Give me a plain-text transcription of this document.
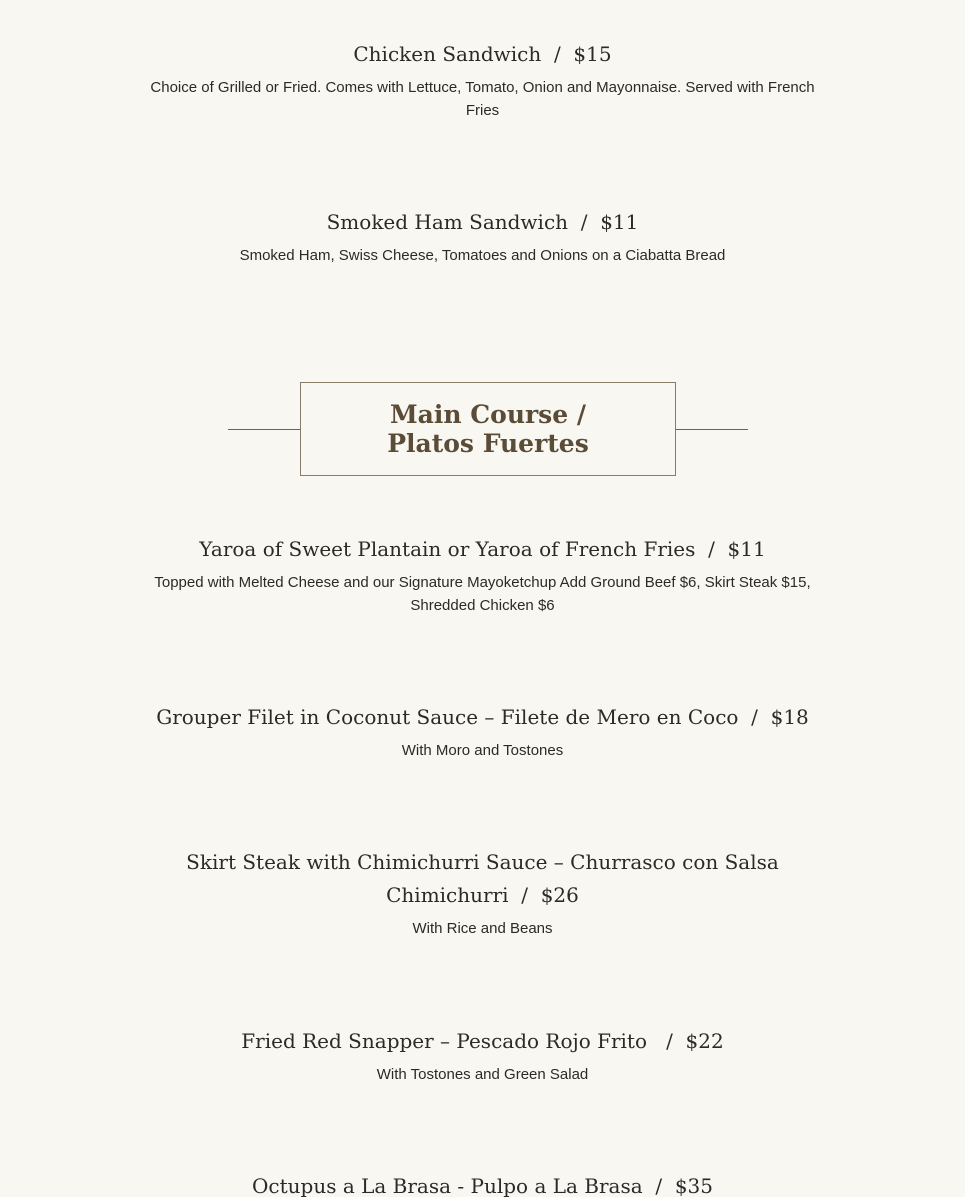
Chicken Sandwich  /  $15
Choice of Grilled or Fried. Comes with Lettuce, Tomato, Onion and Mayonnaise. Served with French Fries
Smoked Ham Sandwich  /  $11
Smoked Ham, Swiss Cheese, Tomatoes and Onions on a Ciabatta Bread
Main Course / Platos Fuertes
Yaroa of Sweet Plantain or Yaroa of French Fries  /  $11
Topped with Melted Cheese and our Signature Mayoketchup Add Ground Beef $6, Skirt Steak $15, Shredded Chicken $6
Grouper Filet in Coconut Sauce – Filete de Mero en Coco  /  $18
With Moro and Tostones
Skirt Steak with Chimichurri Sauce – Churrasco con Salsa Chimichurri  /  $26
With Rice and Beans
Fried Red Snapper – Pescado Rojo Frito   /  $22
With Tostones and Green Salad
Octupus a La Brasa - Pulpo a La Brasa  /  $35
